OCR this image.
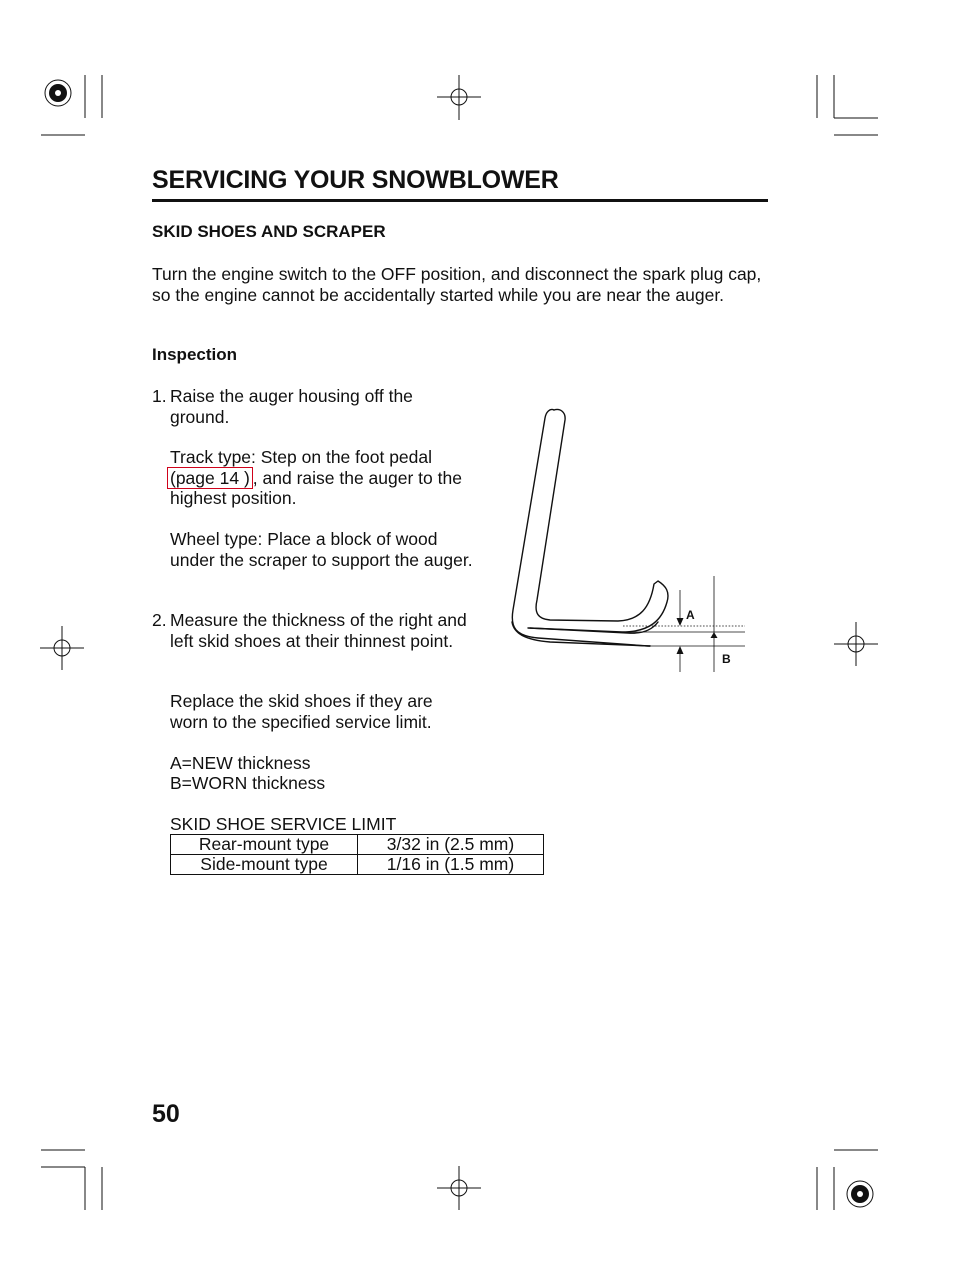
SERVICING YOUR SNOWBLOWER
SKID SHOES AND SCRAPER
Turn the engine switch to the OFF position, and disconnect the spark plug cap, so the engine cannot be accidentally started while you are near the auger.
Inspection
1. Raise the auger housing off the ground.
Track type: Step on the foot pedal (page 14 ) , and raise the auger to the highest position.
Wheel type: Place a block of wood under the scraper to support the auger.
2. Measure the thickness of the right and left skid shoes at their thinnest point.
Replace the skid shoes if they are worn to the specified service limit.
A=NEW thickness
B=WORN thickness
SKID SHOE SERVICE LIMIT
Rear-mount type	3/32 in (2.5 mm)
Side-mount type	1/16 in (1.5 mm)
A
B
50
